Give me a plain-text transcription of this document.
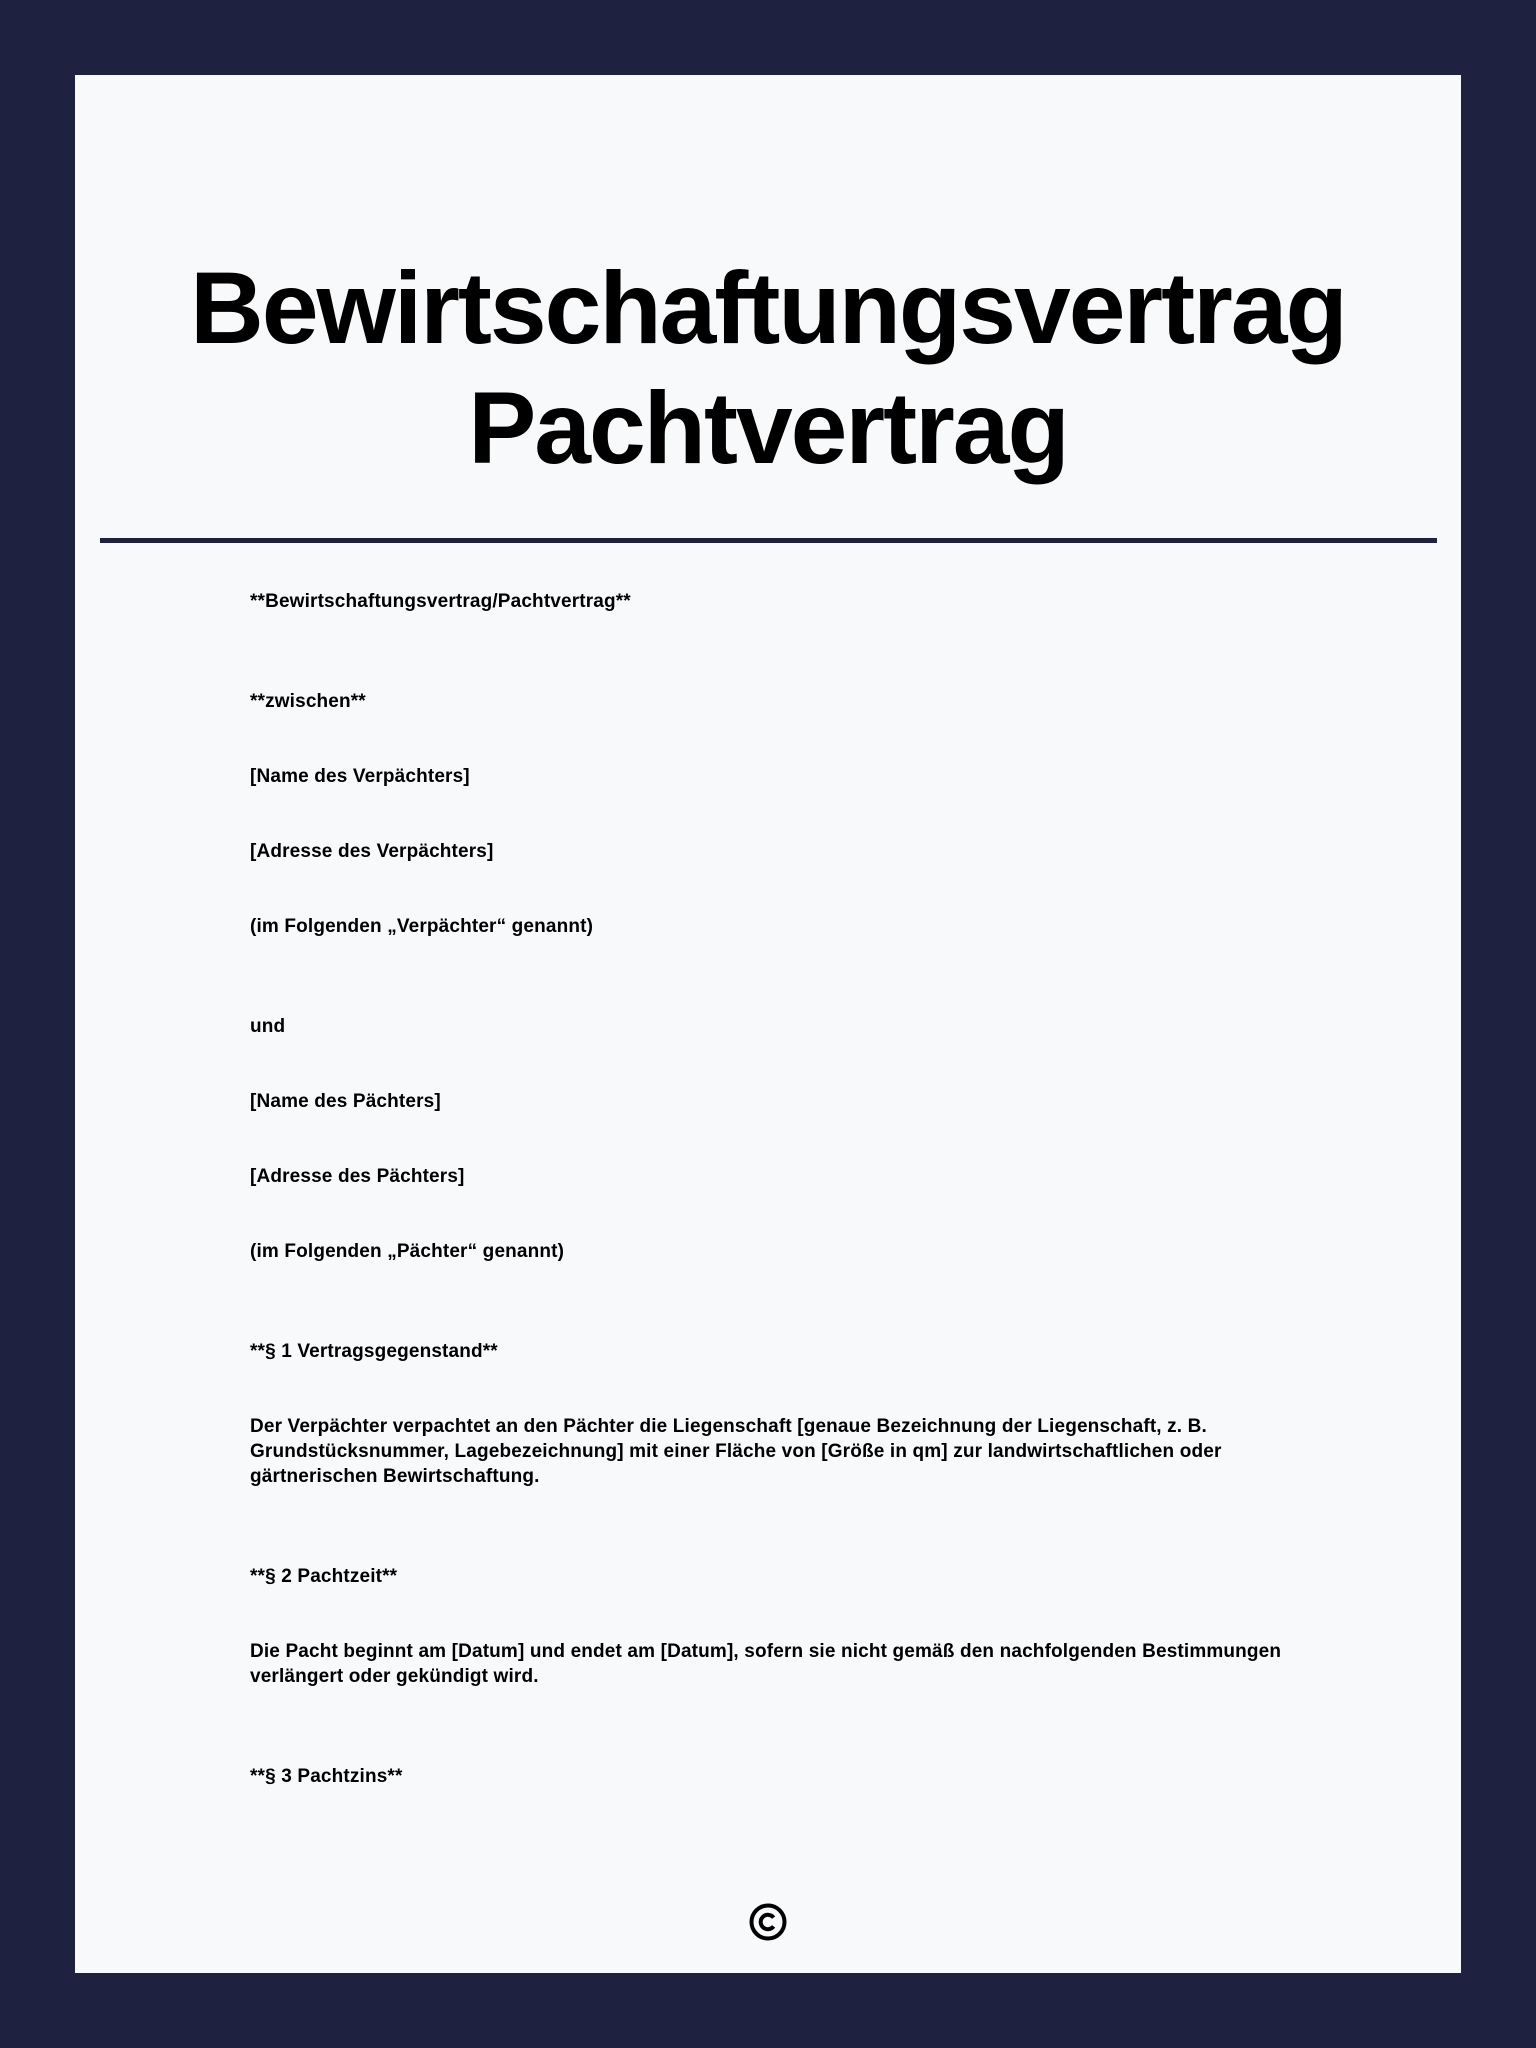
Bewirtschaftungsvertrag
Pachtvertrag

**Bewirtschaftungsvertrag/Pachtvertrag**

**zwischen**

[Name des Verpächters]

[Adresse des Verpächters]

(im Folgenden „Verpächter“ genannt)

und

[Name des Pächters]

[Adresse des Pächters]

(im Folgenden „Pächter“ genannt)

**§ 1 Vertragsgegenstand**

Der Verpächter verpachtet an den Pächter die Liegenschaft [genaue Bezeichnung der Liegenschaft, z. B. Grundstücksnummer, Lagebezeichnung] mit einer Fläche von [Größe in qm] zur landwirtschaftlichen oder gärtnerischen Bewirtschaftung.

**§ 2 Pachtzeit**

Die Pacht beginnt am [Datum] und endet am [Datum], sofern sie nicht gemäß den nachfolgenden Bestimmungen verlängert oder gekündigt wird.

**§ 3 Pachtzins**
